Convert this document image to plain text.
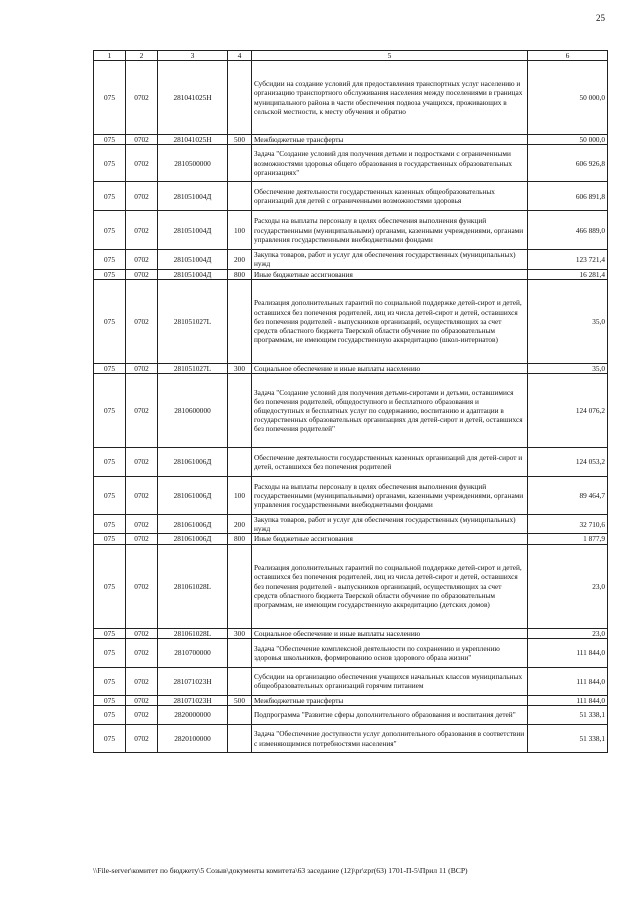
25
1	2	3	4	5	6
075	0702	281041025Н		Субсидии на создание условий для предоставления транспортных услуг населению и организацию транспортного обслуживания населения между поселениями в границах муниципального района в части обеспечения подвоза учащихся, проживающих в сельской местности, к месту обучения и обратно	50 000,0
075	0702	281041025Н	500	Межбюджетные трансферты	50 000,0
075	0702	2810500000		Задача "Создание условий для получения детьми и подростками с ограниченными возможностями здоровья общего образования в государственных образовательных организациях"	606 926,8
075	0702	281051004Д		Обеспечение деятельности государственных казенных общеобразовательных организаций для детей с ограниченными возможностями здоровья	606 891,8
075	0702	281051004Д	100	Расходы на выплаты персоналу в целях обеспечения выполнения функций государственными (муниципальными) органами, казенными учреждениями, органами управления государственными внебюджетными фондами	466 889,0
075	0702	281051004Д	200	Закупка товаров, работ и услуг для обеспечения государственных (муниципальных) нужд	123 721,4
075	0702	281051004Д	800	Иные бюджетные ассигнования	16 281,4
075	0702	281051027L		Реализация дополнительных гарантий по социальной поддержке детей-сирот и детей, оставшихся без попечения родителей, лиц из числа детей-сирот и детей, оставшихся без попечения родителей - выпускников организаций, осуществляющих за счет средств областного бюджета Тверской области обучение по образовательным программам, не имеющим государственную аккредитацию (школ-интернатов)	35,0
075	0702	281051027L	300	Социальное обеспечение и иные выплаты населению	35,0
075	0702	2810600000		Задача "Создание условий для получения детьми-сиротами и детьми, оставшимися без попечения родителей, общедоступного и бесплатного образования и общедоступных и бесплатных услуг по содержанию, воспитанию и адаптации в государственных образовательных организациях для детей-сирот и детей, оставшихся без попечения родителей"	124 076,2
075	0702	281061006Д		Обеспечение деятельности государственных казенных организаций для детей-сирот и детей, оставшихся без попечения родителей	124 053,2
075	0702	281061006Д	100	Расходы на выплаты персоналу в целях обеспечения выполнения функций государственными (муниципальными) органами, казенными учреждениями, органами управления государственными внебюджетными фондами	89 464,7
075	0702	281061006Д	200	Закупка товаров, работ и услуг для обеспечения государственных (муниципальных) нужд	32 710,6
075	0702	281061006Д	800	Иные бюджетные ассигнования	1 877,9
075	0702	281061028L		Реализация дополнительных гарантий по социальной поддержке детей-сирот и детей, оставшихся без попечения родителей, лиц из числа детей-сирот и детей, оставшихся без попечения родителей - выпускников организаций, осуществляющих за счет средств областного бюджета Тверской области обучение по образовательным программам, не имеющим государственную аккредитацию (детских домов)	23,0
075	0702	281061028L	300	Социальное обеспечение и иные выплаты населению	23,0
075	0702	2810700000		Задача "Обеспечение комплексной деятельности по сохранению и укреплению здоровья школьников, формированию основ здорового образа жизни"	111 844,0
075	0702	281071023Н		Субсидии на организацию обеспечения учащихся начальных классов муниципальных общеобразовательных организаций горячим питанием	111 844,0
075	0702	281071023Н	500	Межбюджетные трансферты	111 844,0
075	0702	2820000000		Подпрограмма "Развитие сферы дополнительного образования и воспитания детей"	51 338,1
075	0702	2820100000		Задача "Обеспечение доступности услуг дополнительного образования в соответствии с изменяющимися потребностями населения"	51 338,1
\\File-server\комитет по бюджету\5 Созыв\документы комитета\63 заседание (12)\pr\zpr(63) 1701-П-5\Прил 11 (ВСР)
